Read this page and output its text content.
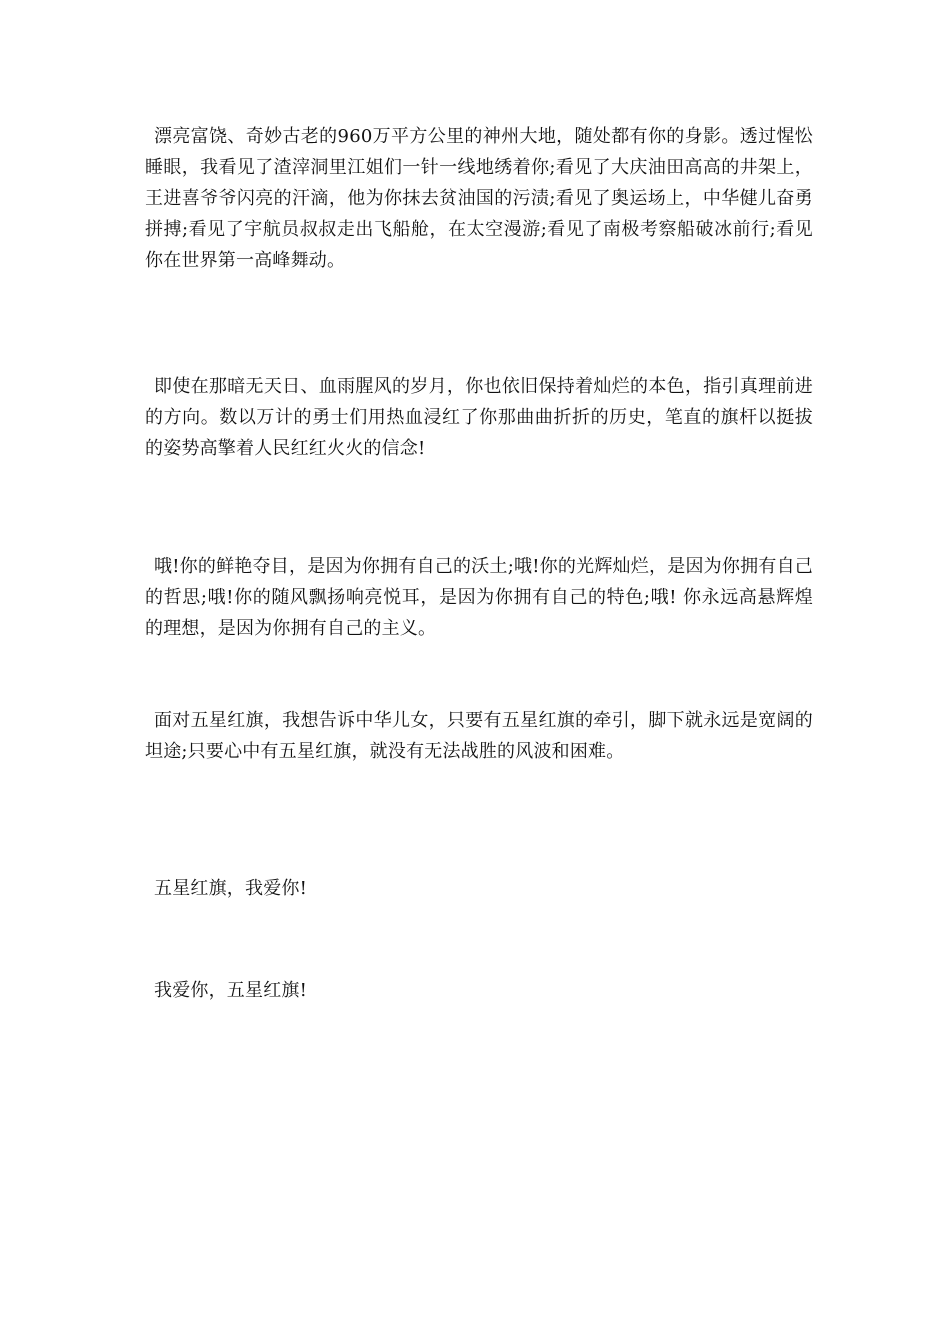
漂亮富饶、奇妙古老的960万平方公里的神州大地，随处都有你的身影。透过惺忪睡眼，我看见了渣滓洞里江姐们一针一线地绣着你;看见了大庆油田高高的井架上，王进喜爷爷闪亮的汗滴，他为你抹去贫油国的污渍;看见了奥运场上，中华健儿奋勇拼搏;看见了宇航员叔叔走出飞船舱，在太空漫游;看见了南极考察船破冰前行;看见你在世界第一高峰舞动。

即使在那暗无天日、血雨腥风的岁月，你也依旧保持着灿烂的本色，指引真理前进的方向。数以万计的勇士们用热血浸红了你那曲曲折折的历史，笔直的旗杆以挺拔的姿势高擎着人民红红火火的信念!

哦!你的鲜艳夺目，是因为你拥有自己的沃土;哦!你的光辉灿烂，是因为你拥有自己的哲思;哦!你的随风飘扬响亮悦耳，是因为你拥有自己的特色;哦! 你永远高悬辉煌的理想，是因为你拥有自己的主义。

面对五星红旗，我想告诉中华儿女，只要有五星红旗的牵引，脚下就永远是宽阔的坦途;只要心中有五星红旗，就没有无法战胜的风波和困难。

五星红旗，我爱你!

我爱你，五星红旗!
